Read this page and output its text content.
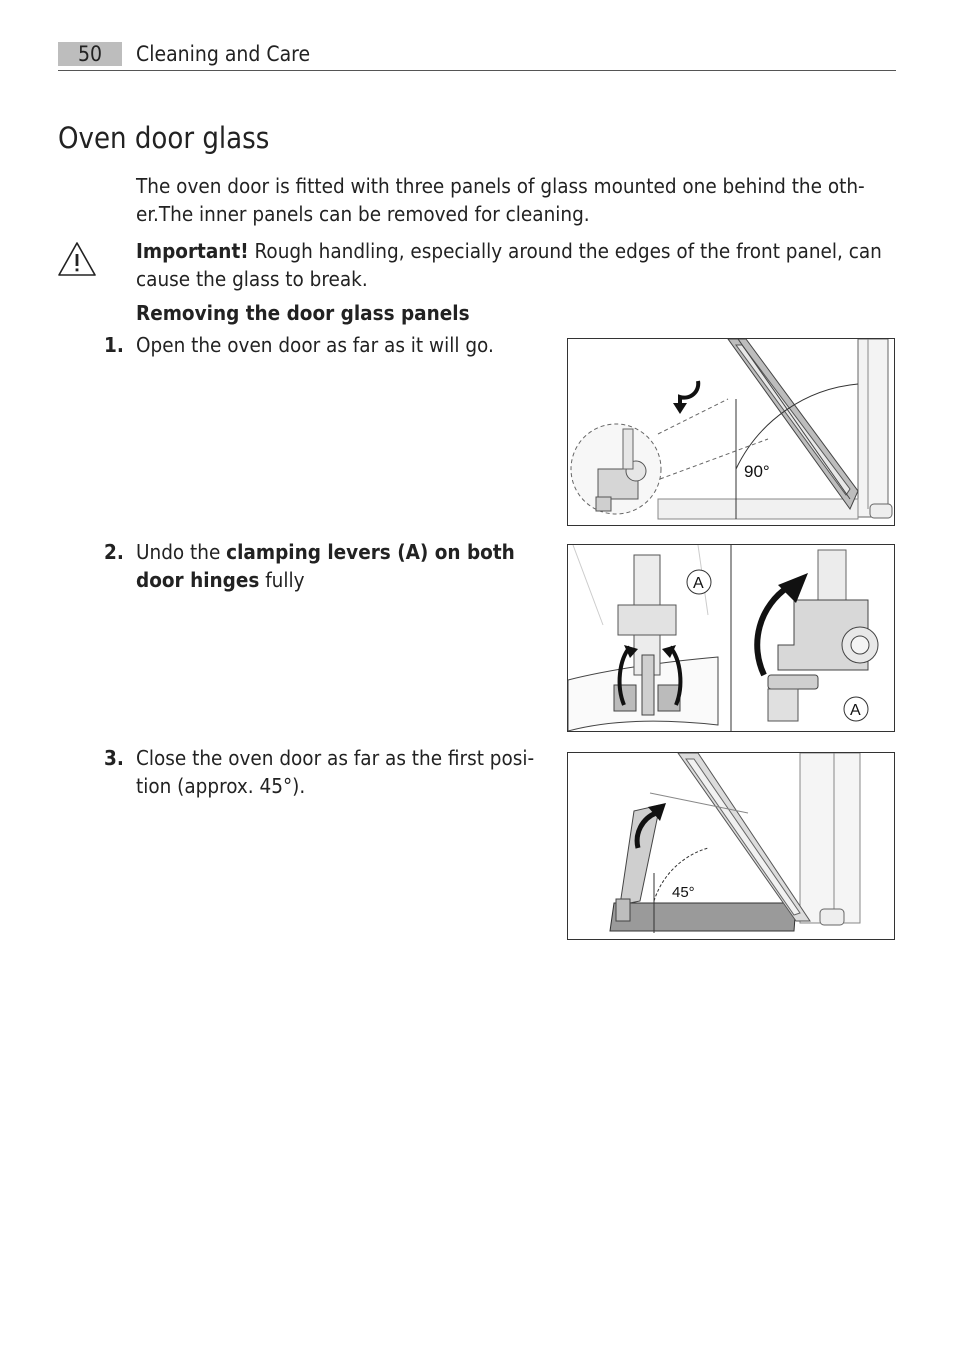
50	Cleaning and Care
Oven door glass

The oven door is fitted with three panels of glass mounted one behind the oth-

er.The inner panels can be removed for cleaning.

Important! Rough handling, especially around the edges of the front panel, can

cause the glass to break.

Removing the door glass panels

1. Open the oven door as far as it will go.

90°
2. Undo the clamping levers (A) on both

door hinges fully	A
A
3. Close the oven door as far as the first posi-

tion (approx. 45°).

45°
